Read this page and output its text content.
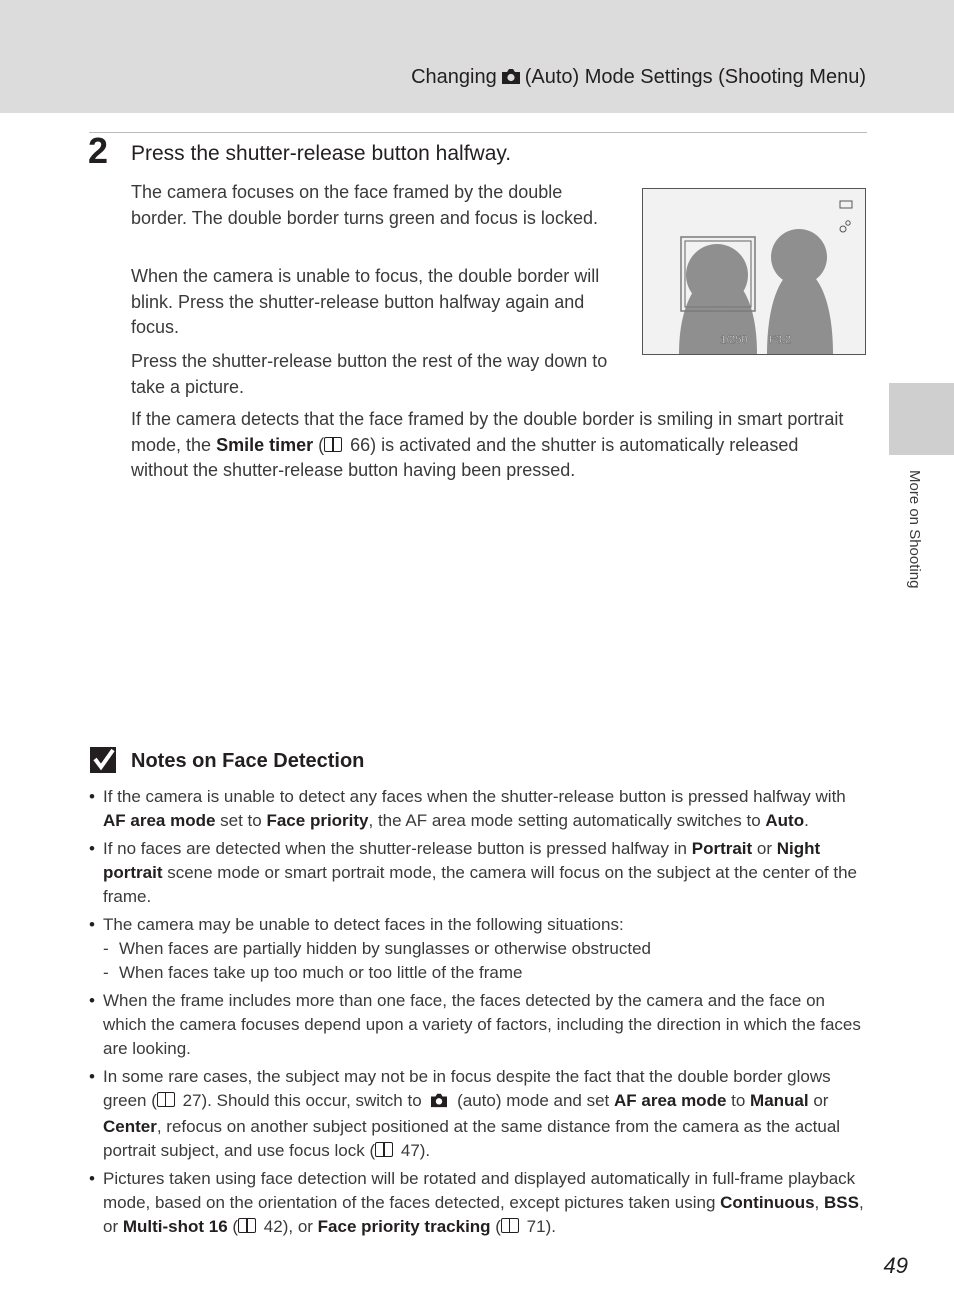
Changing (Auto) Mode Settings (Shooting Menu)
2 Press the shutter-release button halfway.

The camera focuses on the face framed by the double border. The double border turns green and focus is locked.

When the camera is unable to focus, the double border will blink. Press the shutter-release button halfway again and focus.

Press the shutter-release button the rest of the way down to take a picture.

If the camera detects that the face framed by the double border is smiling in smart portrait mode, the Smile timer ( 66) is activated and the shutter is automatically released without the shutter-release button having been pressed.

1/250 F3.2
More on Shooting
Notes on Face Detection
• If the camera is unable to detect any faces when the shutter-release button is pressed halfway with AF area mode set to Face priority, the AF area mode setting automatically switches to Auto.
• If no faces are detected when the shutter-release button is pressed halfway in Portrait or Night portrait scene mode or smart portrait mode, the camera will focus on the subject at the center of the frame.
• The camera may be unable to detect faces in the following situations:
- When faces are partially hidden by sunglasses or otherwise obstructed
- When faces take up too much or too little of the frame
• When the frame includes more than one face, the faces detected by the camera and the face on which the camera focuses depend upon a variety of factors, including the direction in which the faces are looking.
• In some rare cases, the subject may not be in focus despite the fact that the double border glows green ( 27). Should this occur, switch to  (auto) mode and set AF area mode to Manual or Center, refocus on another subject positioned at the same distance from the camera as the actual portrait subject, and use focus lock ( 47).
• Pictures taken using face detection will be rotated and displayed automatically in full-frame playback mode, based on the orientation of the faces detected, except pictures taken using Continuous, BSS, or Multi-shot 16 ( 42), or Face priority tracking ( 71).
49
